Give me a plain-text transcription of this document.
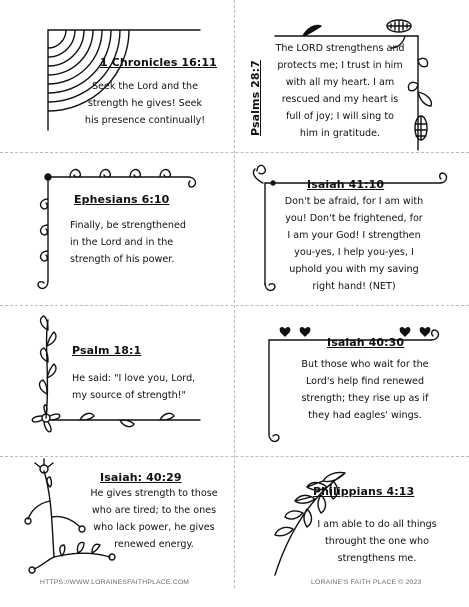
1 Chronicles 16:11
Seek the Lord and the
strength he gives! Seek
his presence continually!	Psalms 28:7
The LORD strengthens and
protects me; I trust in him
with all my heart. I am
rescued and my heart is
full of joy; I will sing to
him in gratitude.
Ephesians 6:10
Finally, be strengthened
in the Lord and in the
strength of his power.
Isaiah 41:10
Don't be afraid, for I am with
you! Don't be frightened, for
I am your God! I strengthen
you-yes, I help you-yes, I
uphold you with my saving
right hand! (NET)
Psalm 18:1
He said: "I love you, Lord,
my source of strength!"
Isaiah 40:30
But those who wait for the
Lord's help find renewed
strength; they rise up as if
they had eagles' wings.
Isaiah: 40:29
He gives strength to those
who are tired; to the ones
who lack power, he gives
renewed energy.
Philippians 4:13
I am able to do all things
throught the one who
strengthens me.
HTTPS://WWW.LORAINESFAITHPLACE.COM	LORAINE'S FAITH PLACE © 2023
